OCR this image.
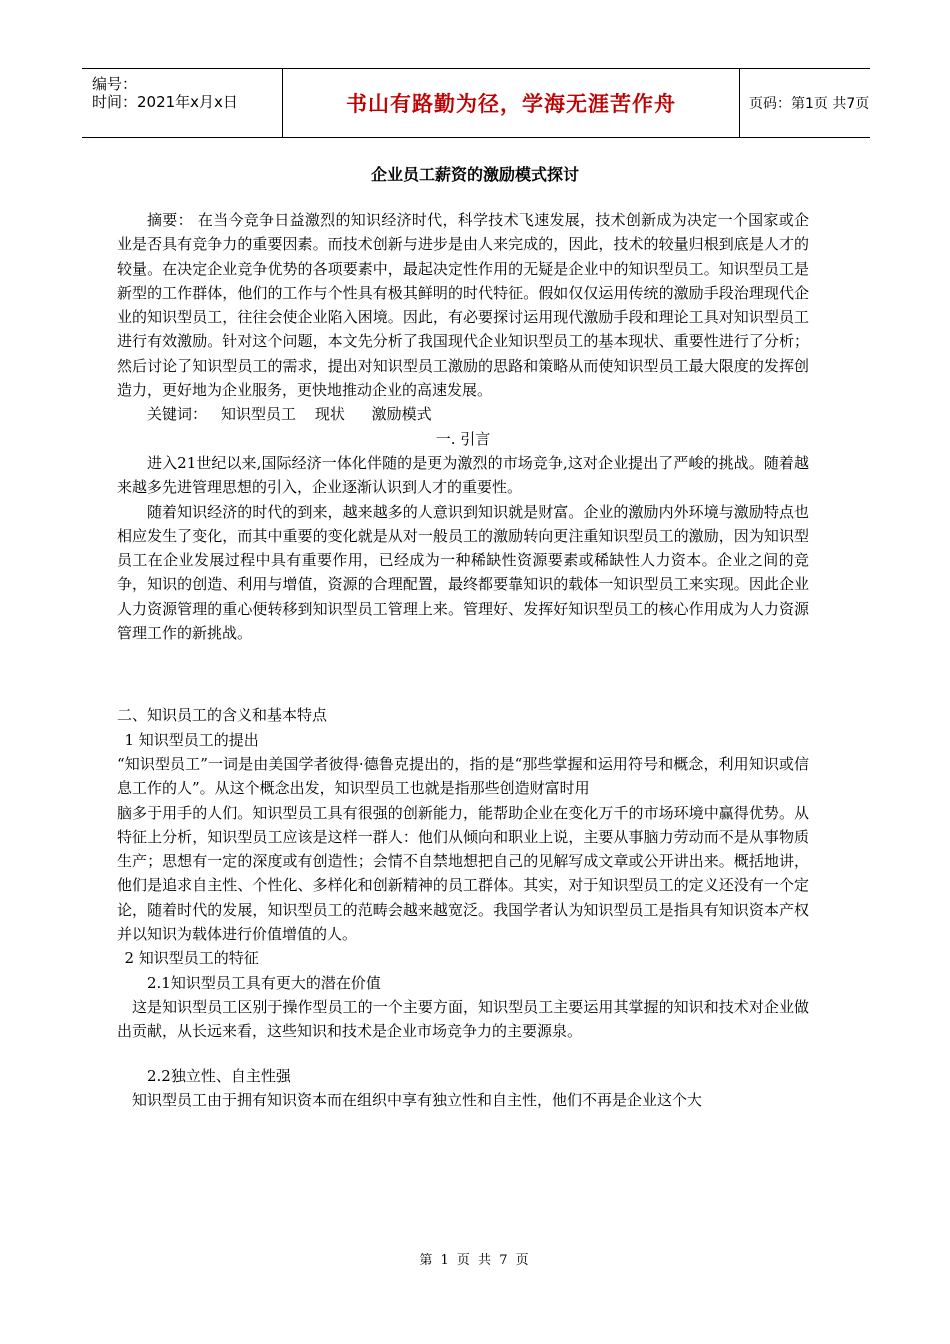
编号：
时间：2021年x月x日	书山有路勤为径，学海无涯苦作舟	页码：第1页 共7页
企业员工薪资的激励模式探讨

摘要： 在当今竞争日益激烈的知识经济时代，科学技术飞速发展，技术创新成为决定一个国家或企业是否具有竞争力的重要因素。而技术创新与进步是由人来完成的，因此，技术的较量归根到底是人才的较量。在决定企业竞争优势的各项要素中，最起决定性作用的无疑是企业中的知识型员工。知识型员工是新型的工作群体，他们的工作与个性具有极其鲜明的时代特征。假如仅仅运用传统的激励手段治理现代企业的知识型员工，往往会使企业陷入困境。因此，有必要探讨运用现代激励手段和理论工具对知识型员工进行有效激励。针对这个问题，本文先分析了我国现代企业知识型员工的基本现状、重要性进行了分析；然后讨论了知识型员工的需求，提出对知识型员工激励的思路和策略从而使知识型员工最大限度的发挥创造力，更好地为企业服务，更快地推动企业的高速发展。

关键词： 知识型员工 现状 激励模式

一. 引言

进入21世纪以来,国际经济一体化伴随的是更为激烈的市场竞争,这对企业提出了严峻的挑战。随着越来越多先进管理思想的引入，企业逐渐认识到人才的重要性。

随着知识经济的时代的到来，越来越多的人意识到知识就是财富。企业的激励内外环境与激励特点也相应发生了变化，而其中重要的变化就是从对一般员工的激励转向更注重知识型员工的激励，因为知识型员工在企业发展过程中具有重要作用，已经成为一种稀缺性资源要素或稀缺性人力资本。企业之间的竞争，知识的创造、利用与增值，资源的合理配置，最终都要靠知识的载体一知识型员工来实现。因此企业人力资源管理的重心便转移到知识型员工管理上来。管理好、发挥好知识型员工的核心作用成为人力资源管理工作的新挑战。

二、知识员工的含义和基本特点

1 知识型员工的提出

“知识型员工”一词是由美国学者彼得·德鲁克提出的，指的是“那些掌握和运用符号和概念，利用知识或信息工作的人”。从这个概念出发，知识型员工也就是指那些创造财富时用

脑多于用手的人们。知识型员工具有很强的创新能力，能帮助企业在变化万千的市场环境中赢得优势。从特征上分析，知识型员工应该是这样一群人：他们从倾向和职业上说，主要从事脑力劳动而不是从事物质生产；思想有一定的深度或有创造性；会情不自禁地想把自己的见解写成文章或公开讲出来。概括地讲，他们是追求自主性、个性化、多样化和创新精神的员工群体。其实，对于知识型员工的定义还没有一个定论，随着时代的发展，知识型员工的范畴会越来越宽泛。我国学者认为知识型员工是指具有知识资本产权并以知识为载体进行价值增值的人。

2 知识型员工的特征

2.1知识型员工具有更大的潜在价值

这是知识型员工区别于操作型员工的一个主要方面，知识型员工主要运用其掌握的知识和技术对企业做出贡献，从长远来看，这些知识和技术是企业市场竞争力的主要源泉。

2.2独立性、自主性强

知识型员工由于拥有知识资本而在组织中享有独立性和自主性，他们不再是企业这个大

第 1 页 共 7 页
